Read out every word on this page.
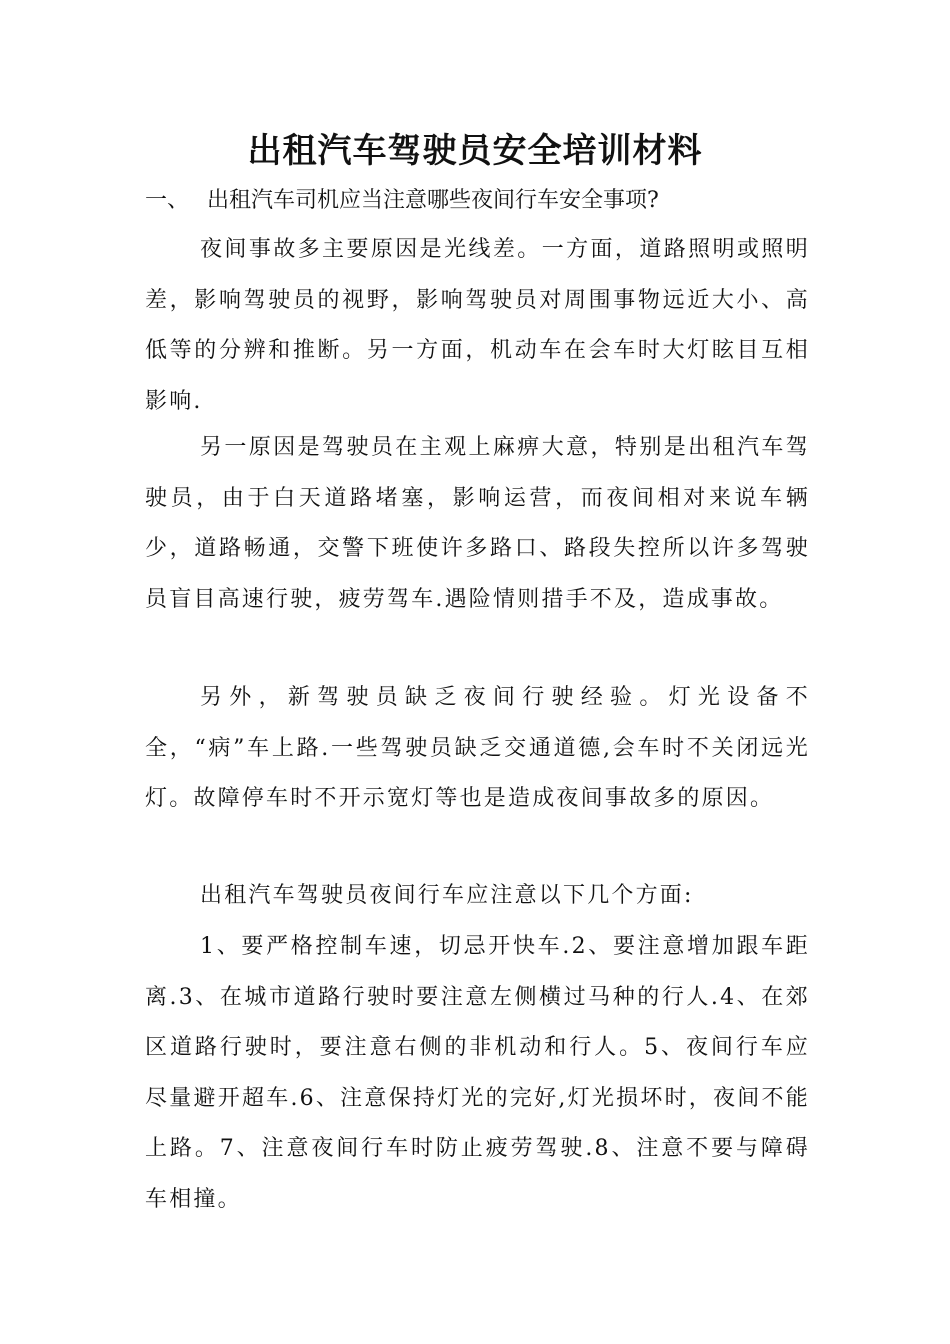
出租汽车驾驶员安全培训材料
一、 出租汽车司机应当注意哪些夜间行车安全事项?

夜间事故多主要原因是光线差。一方面，道路照明或照明差，影响驾驶员的视野，影响驾驶员对周围事物远近大小、高低等的分辨和推断。另一方面，机动车在会车时大灯眩目互相影响.

另一原因是驾驶员在主观上麻痹大意，特别是出租汽车驾驶员，由于白天道路堵塞，影响运营，而夜间相对来说车辆少，道路畅通，交警下班使许多路口、路段失控所以许多驾驶员盲目高速行驶，疲劳驾车.遇险情则措手不及，造成事故。

另外，新驾驶员缺乏夜间行驶经验。灯光设备不全，“病”车上路.一些驾驶员缺乏交通道德,会车时不关闭远光灯。故障停车时不开示宽灯等也是造成夜间事故多的原因。

出租汽车驾驶员夜间行车应注意以下几个方面:

1、要严格控制车速，切忌开快车.2、要注意增加跟车距离.3、在城市道路行驶时要注意左侧横过马种的行人.4、在郊区道路行驶时，要注意右侧的非机动和行人。5、夜间行车应尽量避开超车.6、注意保持灯光的完好,灯光损坏时，夜间不能上路。7、注意夜间行车时防止疲劳驾驶.8、注意不要与障碍车相撞。
